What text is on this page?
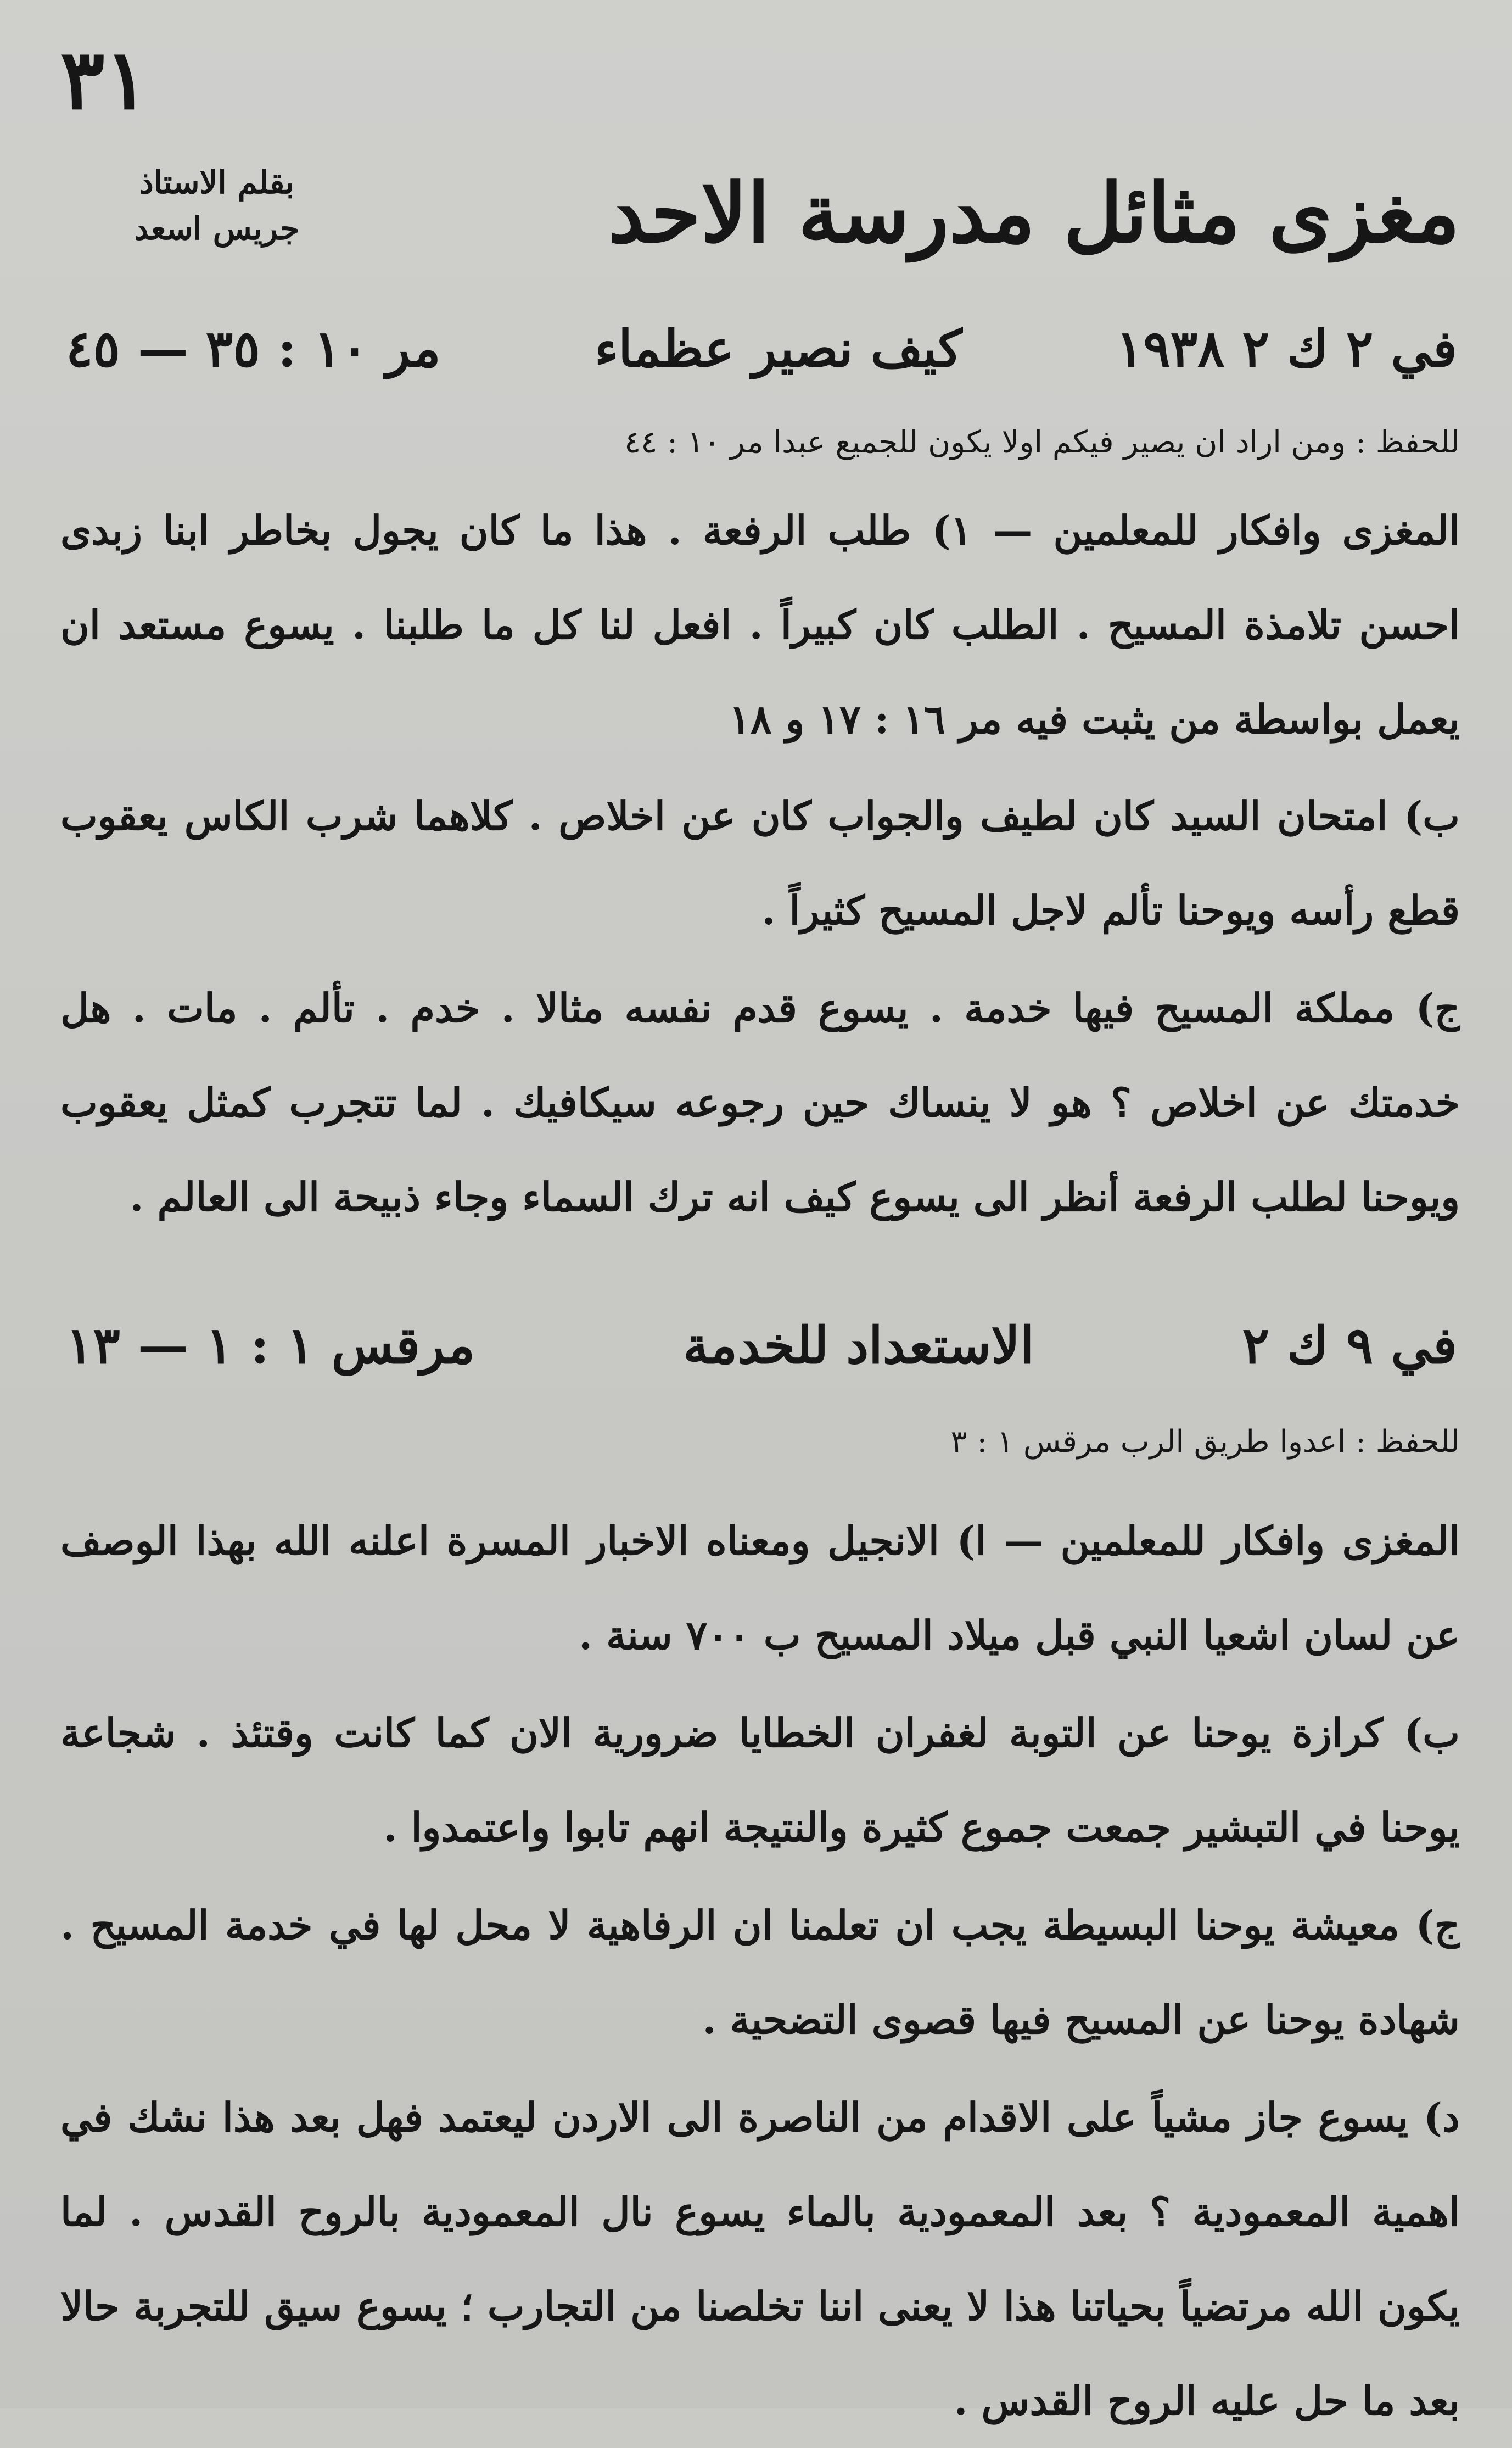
٣١
بقلم الاستاذ
جريس اسعد	مغزى مثائل مدرسة الاحد
في ٢ ك ٢ ١٩٣٨
كيف نصير عظماء
مر ١٠ : ٣٥ — ٤٥
للحفظ : ومن اراد ان يصير فيكم اولا يكون للجميع عبدا مر ١٠ : ٤٤
المغزى وافكار للمعلمين — ١) طلب الرفعة . هذا ما كان يجول بخاطر ابنا زبدى احسن تلامذة المسيح . الطلب كان كبيراً . افعل لنا كل ما طلبنا . يسوع مستعد ان يعمل بواسطة من يثبت فيه مر ١٦ : ١٧ و ١٨
ب) امتحان السيد كان لطيف والجواب كان عن اخلاص . كلاهما شرب الكاس يعقوب قطع رأسه ويوحنا تألم لاجل المسيح كثيراً .
ج) مملكة المسيح فيها خدمة . يسوع قدم نفسه مثالا . خدم . تألم . مات . هل خدمتك عن اخلاص ؟ هو لا ينساك حين رجوعه سيكافيك . لما تتجرب كمثل يعقوب ويوحنا لطلب الرفعة أنظر الى يسوع كيف انه ترك السماء وجاء ذبيحة الى العالم .
في ٩ ك ٢
الاستعداد للخدمة
مرقس ١ : ١ — ١٣
للحفظ : اعدوا طريق الرب مرقس ١ : ٣
المغزى وافكار للمعلمين — ا) الانجيل ومعناه الاخبار المسرة اعلنه الله بهذا الوصف عن لسان اشعيا النبي قبل ميلاد المسيح ب ٧٠٠ سنة .
ب) كرازة يوحنا عن التوبة لغفران الخطايا ضرورية الان كما كانت وقتئذ . شجاعة يوحنا في التبشير جمعت جموع كثيرة والنتيجة انهم تابوا واعتمدوا .
ج) معيشة يوحنا البسيطة يجب ان تعلمنا ان الرفاهية لا محل لها في خدمة المسيح . شهادة يوحنا عن المسيح فيها قصوى التضحية .
د) يسوع جاز مشياً على الاقدام من الناصرة الى الاردن ليعتمد فهل بعد هذا نشك في اهمية المعمودية ؟ بعد المعمودية بالماء يسوع نال المعمودية بالروح القدس . لما يكون الله مرتضياً بحياتنا هذا لا يعنى اننا تخلصنا من التجارب ؛ يسوع سيق للتجربة حالا بعد ما حل عليه الروح القدس .
